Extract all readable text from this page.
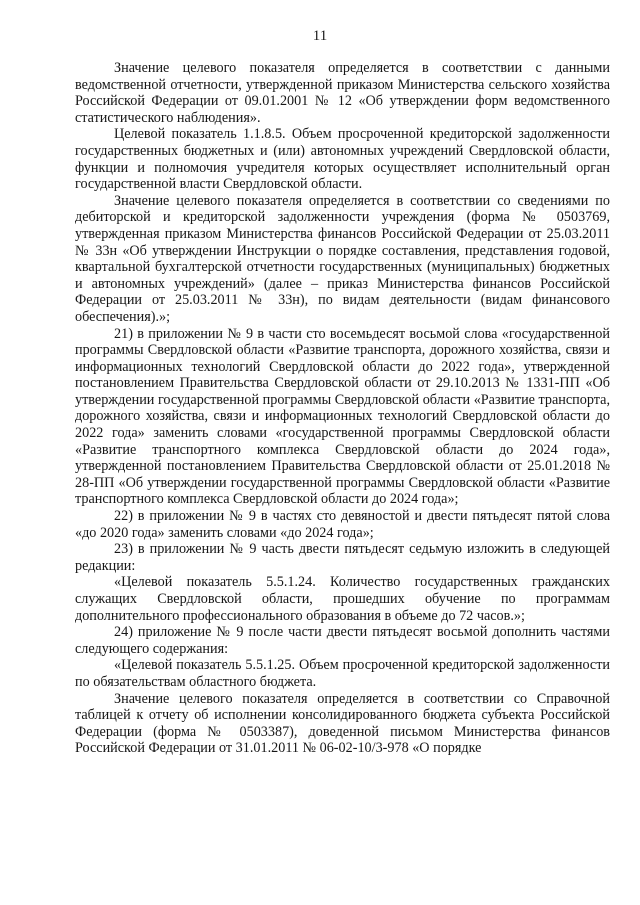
11

Значение целевого показателя определяется в соответствии с данными ведомственной отчетности, утвержденной приказом Министерства сельского хозяйства Российской Федерации от 09.01.2001 № 12 «Об утверждении форм ведомственного статистического наблюдения».

Целевой показатель 1.1.8.5. Объем просроченной кредиторской задолженности государственных бюджетных и (или) автономных учреждений Свердловской области, функции и полномочия учредителя которых осуществляет исполнительный орган государственной власти Свердловской области.

Значение целевого показателя определяется в соответствии со сведениями по дебиторской и кредиторской задолженности учреждения (форма № 0503769, утвержденная приказом Министерства финансов Российской Федерации от 25.03.2011 № 33н «Об утверждении Инструкции о порядке составления, представления годовой, квартальной бухгалтерской отчетности государственных (муниципальных) бюджетных и автономных учреждений» (далее – приказ Министерства финансов Российской Федерации от 25.03.2011 № 33н), по видам деятельности (видам финансового обеспечения).»;

21) в приложении № 9 в части сто восемьдесят восьмой слова «государственной программы Свердловской области «Развитие транспорта, дорожного хозяйства, связи и информационных технологий Свердловской области до 2022 года», утвержденной постановлением Правительства Свердловской области от 29.10.2013 № 1331-ПП «Об утверждении государственной программы Свердловской области «Развитие транспорта, дорожного хозяйства, связи и информационных технологий Свердловской области до 2022 года» заменить словами «государственной программы Свердловской области «Развитие транспортного комплекса Свердловской области до 2024 года», утвержденной постановлением Правительства Свердловской области от 25.01.2018 № 28-ПП «Об утверждении государственной программы Свердловской области «Развитие транспортного комплекса Свердловской области до 2024 года»;

22) в приложении № 9 в частях сто девяностой и двести пятьдесят пятой слова «до 2020 года» заменить словами «до 2024 года»;

23) в приложении № 9 часть двести пятьдесят седьмую изложить в следующей редакции:

«Целевой показатель 5.5.1.24. Количество государственных гражданских служащих Свердловской области, прошедших обучение по программам дополнительного профессионального образования в объеме до 72 часов.»;

24) приложение № 9 после части двести пятьдесят восьмой дополнить частями следующего содержания:

«Целевой показатель 5.5.1.25. Объем просроченной кредиторской задолженности по обязательствам областного бюджета.

Значение целевого показателя определяется в соответствии со Справочной таблицей к отчету об исполнении консолидированного бюджета субъекта Российской Федерации (форма № 0503387), доведенной письмом Министерства финансов Российской Федерации от 31.01.2011 № 06-02-10/3-978 «О порядке
